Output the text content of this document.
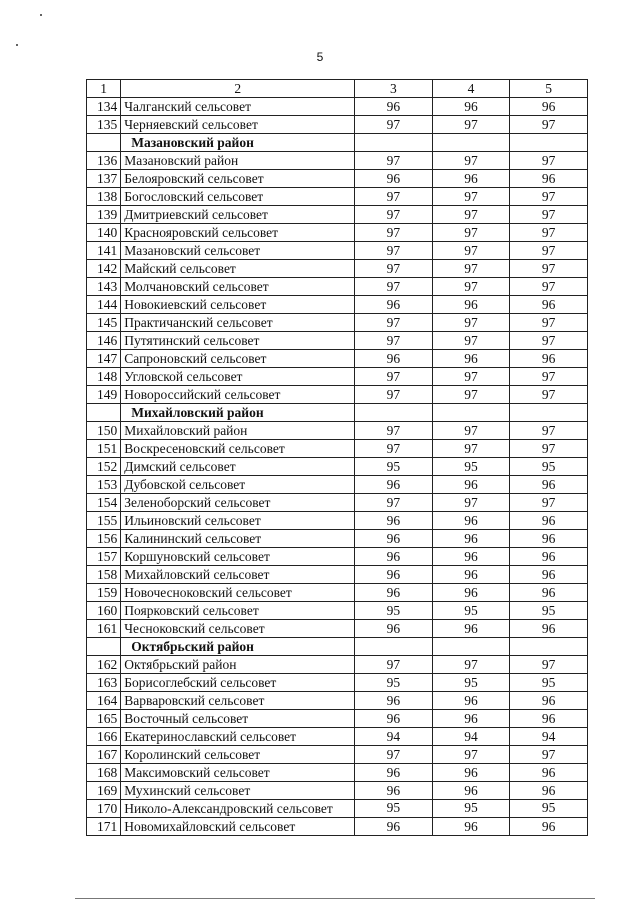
5
1	2	3	4	5
134	Чалганский сельсовет	96	96	96
135	Черняевский сельсовет	97	97	97
	Мазановский район			
136	Мазановский район	97	97	97
137	Белояровский сельсовет	96	96	96
138	Богословский сельсовет	97	97	97
139	Дмитриевский сельсовет	97	97	97
140	Краснояровский сельсовет	97	97	97
141	Мазановский сельсовет	97	97	97
142	Майский сельсовет	97	97	97
143	Молчановский сельсовет	97	97	97
144	Новокиевский сельсовет	96	96	96
145	Практичанский сельсовет	97	97	97
146	Путятинский сельсовет	97	97	97
147	Сапроновский сельсовет	96	96	96
148	Угловской сельсовет	97	97	97
149	Новороссийский сельсовет	97	97	97
	Михайловский район			
150	Михайловский район	97	97	97
151	Воскресеновский сельсовет	97	97	97
152	Димский сельсовет	95	95	95
153	Дубовской сельсовет	96	96	96
154	Зеленоборский сельсовет	97	97	97
155	Ильиновский сельсовет	96	96	96
156	Калининский сельсовет	96	96	96
157	Коршуновский сельсовет	96	96	96
158	Михайловский сельсовет	96	96	96
159	Новочесноковский сельсовет	96	96	96
160	Поярковский сельсовет	95	95	95
161	Чесноковский сельсовет	96	96	96
	Октябрьский район			
162	Октябрьский район	97	97	97
163	Борисоглебский сельсовет	95	95	95
164	Варваровский сельсовет	96	96	96
165	Восточный сельсовет	96	96	96
166	Екатеринославский сельсовет	94	94	94
167	Королинский сельсовет	97	97	97
168	Максимовский сельсовет	96	96	96
169	Мухинский сельсовет	96	96	96
170	Николо-Александровский сельсовет	95	95	95
171	Новомихайловский сельсовет	96	96	96
